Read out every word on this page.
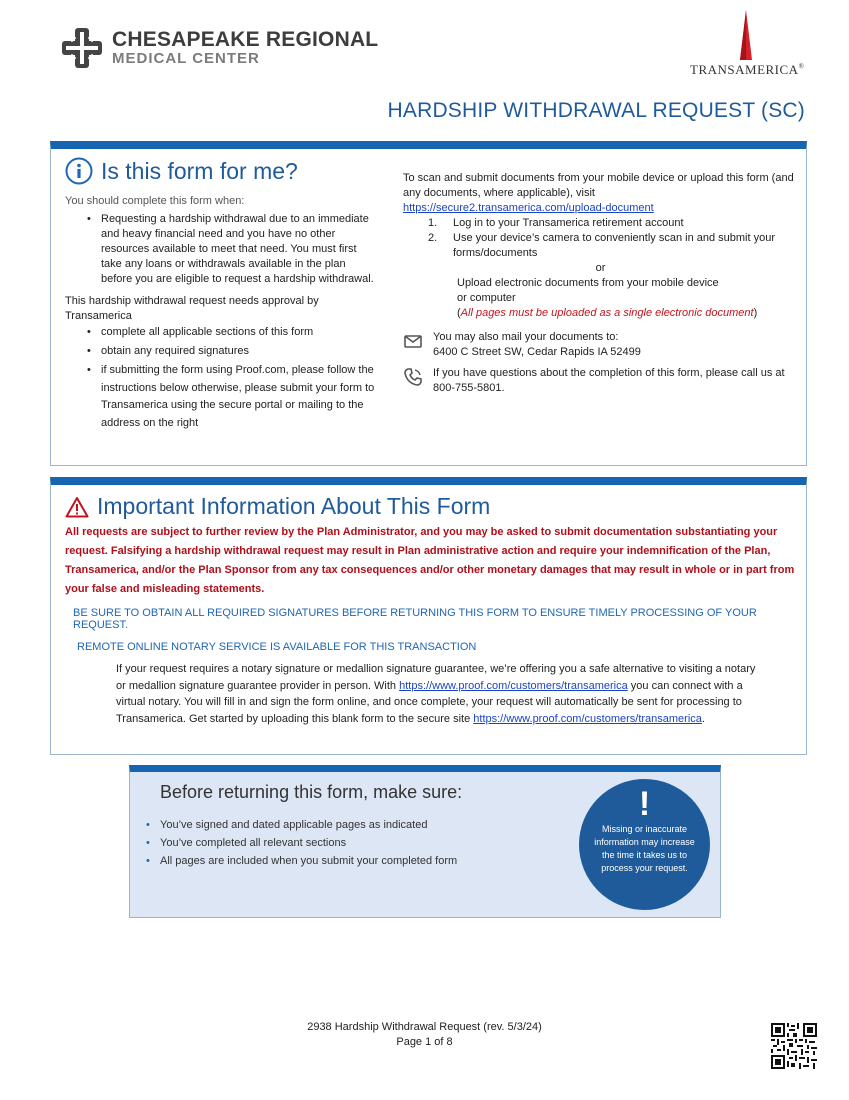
CHESAPEAKE REGIONAL
MEDICAL CENTER
TRANSAMERICA®
HARDSHIP WITHDRAWAL REQUEST (SC)
Is this form for me?
You should complete this form when:
• Requesting a hardship withdrawal due to an immediate and heavy financial need and you have no other resources available to meet that need. You must first take any loans or withdrawals available in the plan before you are eligible to request a hardship withdrawal.
This hardship withdrawal request needs approval by Transamerica
• complete all applicable sections of this form
• obtain any required signatures
• if submitting the form using Proof.com, please follow the instructions below otherwise, please submit your form to Transamerica using the secure portal or mailing to the address on the right
To scan and submit documents from your mobile device or upload this form (and any documents, where applicable), visit
https://secure2.transamerica.com/upload-document
1. Log in to your Transamerica retirement account
2. Use your device’s camera to conveniently scan in and submit your forms/documents
or
Upload electronic documents from your mobile device
or computer
(All pages must be uploaded as a single electronic document)
You may also mail your documents to:
6400 C Street SW, Cedar Rapids IA 52499
If you have questions about the completion of this form, please call us at 800-755-5801.
Important Information About This Form
All requests are subject to further review by the Plan Administrator, and you may be asked to submit documentation substantiating your request. Falsifying a hardship withdrawal request may result in Plan administrative action and require your indemnification of the Plan, Transamerica, and/or the Plan Sponsor from any tax consequences and/or other monetary damages that may result in whole or in part from your false and misleading statements.
BE SURE TO OBTAIN ALL REQUIRED SIGNATURES BEFORE RETURNING THIS FORM TO ENSURE TIMELY PROCESSING OF YOUR REQUEST.
REMOTE ONLINE NOTARY SERVICE IS AVAILABLE FOR THIS TRANSACTION
If your request requires a notary signature or medallion signature guarantee, we’re offering you a safe alternative to visiting a notary or medallion signature guarantee provider in person. With https://www.proof.com/customers/transamerica you can connect with a virtual notary. You will fill in and sign the form online, and once complete, your request will automatically be sent for processing to Transamerica. Get started by uploading this blank form to the secure site https://www.proof.com/customers/transamerica.
Before returning this form, make sure:
• You’ve signed and dated applicable pages as indicated
• You’ve completed all relevant sections
• All pages are included when you submit your completed form
!
Missing or inaccurate information may increase the time it takes us to process your request.
2938 Hardship Withdrawal Request (rev. 5/3/24)
Page 1 of 8
